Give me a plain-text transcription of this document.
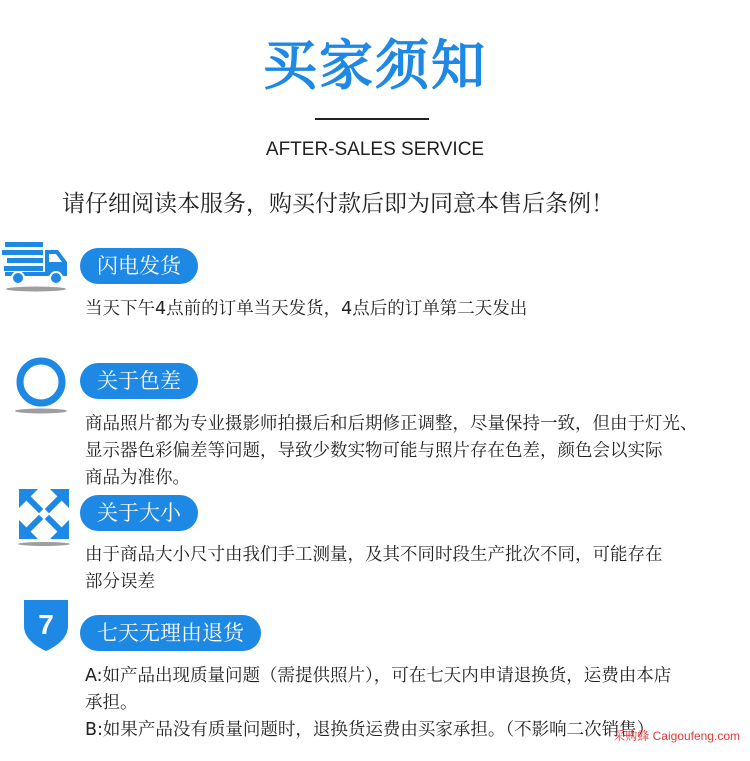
买家须知
AFTER-SALES SERVICE
请仔细阅读本服务，购买付款后即为同意本售后条例！
闪电发货
当天下午4点前的订单当天发货，4点后的订单第二天发出
关于色差
商品照片都为专业摄影师拍摄后和后期修正调整，尽量保持一致，但由于灯光、
显示器色彩偏差等问题，导致少数实物可能与照片存在色差，颜色会以实际
商品为准你。
关于大小
由于商品大小尺寸由我们手工测量，及其不同时段生产批次不同，可能存在
部分误差
7	七天无理由退货
A:如产品出现质量问题（需提供照片），可在七天内申请退换货，运费由本店
承担。
B:如果产品没有质量问题时，退换货运费由买家承担。（不影响二次销售）
采购蜂 Caigoufeng.com
